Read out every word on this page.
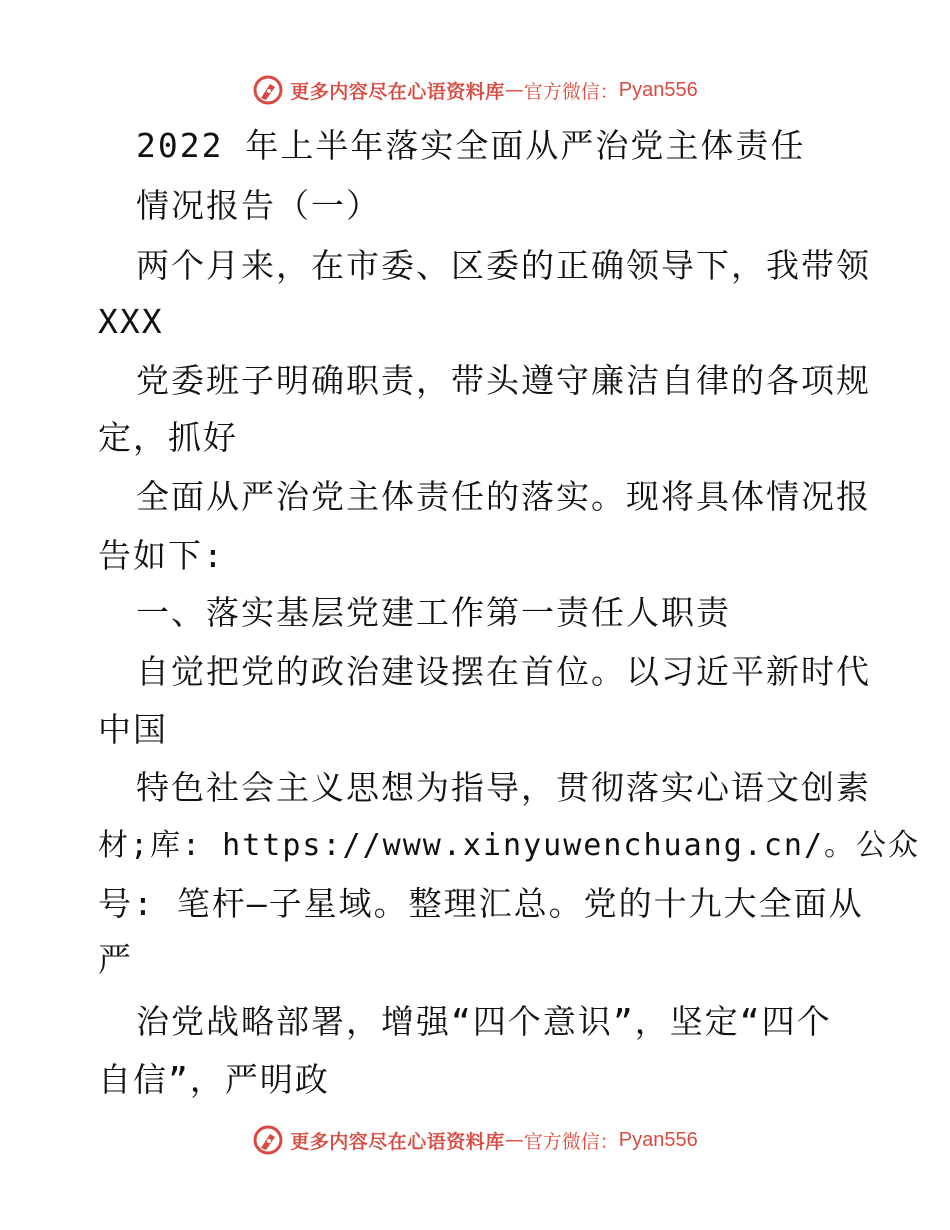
更多内容尽在心语资料库 — 官方微信： Pyan556
2022 年上半年落实全面从严治党主体责任
情况报告（一）
两个月来，在市委、区委的正确领导下，我带领
XXX
党委班子明确职责，带头遵守廉洁自律的各项规
定，抓好
全面从严治党主体责任的落实。现将具体情况报
告如下:
一、落实基层党建工作第一责任人职责
自觉把党的政治建设摆在首位。以习近平新时代
中国
特色社会主义思想为指导，贯彻落实心语文创素
材;库: https://www.xinyuwenchuang.cn/。公众
号: 笔杆—子星域。整理汇总。党的十九大全面从
严
治党战略部署，增强“四个意识”，坚定“四个
自信”，严明政
更多内容尽在心语资料库 — 官方微信： Pyan556
